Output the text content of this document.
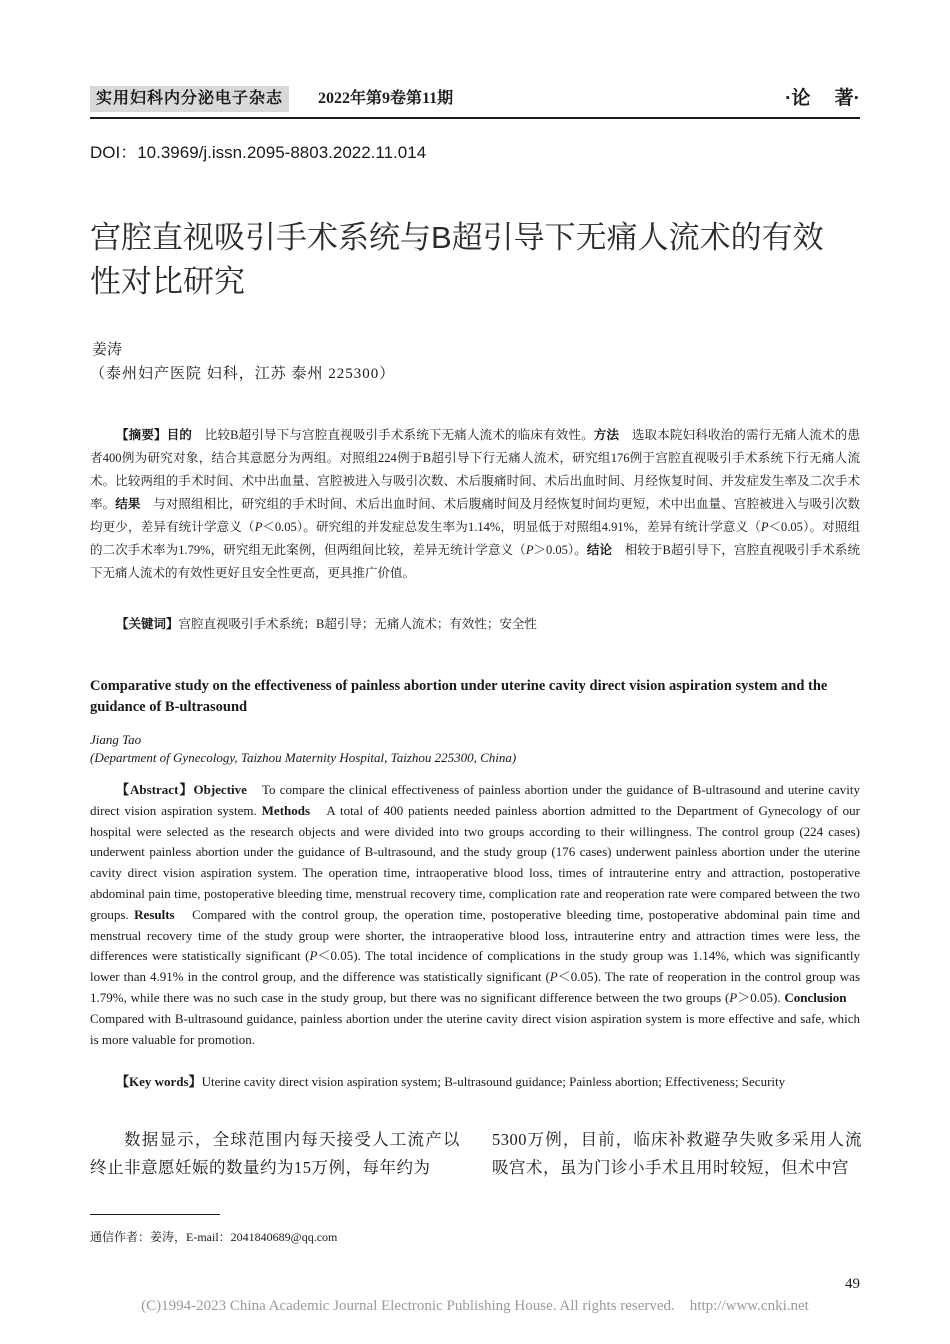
实用妇科内分泌电子杂志	2022年第9卷第11期	·论　 著·
DOI：10.3969/j.issn.2095-8803.2022.11.014
宫腔直视吸引手术系统与B超引导下无痛人流术的有效性对比研究
姜涛
（泰州妇产医院 妇科，江苏 泰州 225300）

【摘要】目的　比较B超引导下与宫腔直视吸引手术系统下无痛人流术的临床有效性。方法　选取本院妇科收治的需行无痛人流术的患者400例为研究对象，结合其意愿分为两组。对照组224例于B超引导下行无痛人流术，研究组176例于宫腔直视吸引手术系统下行无痛人流术。比较两组的手术时间、术中出血量、宫腔被进入与吸引次数、术后腹痛时间、术后出血时间、月经恢复时间、并发症发生率及二次手术率。结果　与对照组相比，研究组的手术时间、术后出血时间、术后腹痛时间及月经恢复时间均更短，术中出血量、宫腔被进入与吸引次数均更少，差异有统计学意义（P＜0.05）。研究组的并发症总发生率为1.14%，明显低于对照组4.91%，差异有统计学意义（P＜0.05）。对照组的二次手术率为1.79%，研究组无此案例，但两组间比较，差异无统计学意义（P＞0.05）。结论　相较于B超引导下，宫腔直视吸引手术系统下无痛人流术的有效性更好且安全性更高，更具推广价值。

【关键词】宫腔直视吸引手术系统；B超引导；无痛人流术；有效性；安全性

Comparative study on the effectiveness of painless abortion under uterine cavity direct vision aspiration system and the guidance of B-ultrasound
Jiang Tao
(Department of Gynecology, Taizhou Maternity Hospital, Taizhou 225300, China)

【Abstract】Objective　To compare the clinical effectiveness of painless abortion under the guidance of B-ultrasound and uterine cavity direct vision aspiration system. Methods　A total of 400 patients needed painless abortion admitted to the Department of Gynecology of our hospital were selected as the research objects and were divided into two groups according to their willingness. The control group (224 cases) underwent painless abortion under the guidance of B-ultrasound, and the study group (176 cases) underwent painless abortion under the uterine cavity direct vision aspiration system. The operation time, intraoperative blood loss, times of intrauterine entry and attraction, postoperative abdominal pain time, postoperative bleeding time, menstrual recovery time, complication rate and reoperation rate were compared between the two groups. Results　Compared with the control group, the operation time, postoperative bleeding time, postoperative abdominal pain time and menstrual recovery time of the study group were shorter, the intraoperative blood loss, intrauterine entry and attraction times were less, the differences were statistically significant (P＜0.05). The total incidence of complications in the study group was 1.14%, which was significantly lower than 4.91% in the control group, and the difference was statistically significant (P＜0.05). The rate of reoperation in the control group was 1.79%, while there was no such case in the study group, but there was no significant difference between the two groups (P＞0.05). Conclusion　Compared with B-ultrasound guidance, painless abortion under the uterine cavity direct vision aspiration system is more effective and safe, which is more valuable for promotion.

【Key words】Uterine cavity direct vision aspiration system; B-ultrasound guidance; Painless abortion; Effectiveness; Security

数据显示，全球范围内每天接受人工流产以终止非意愿妊娠的数量约为15万例，每年约为

5300万例，目前，临床补救避孕失败多采用人流吸宫术，虽为门诊小手术且用时较短，但术中宫

通信作者：姜涛，E-mail：2041840689@qq.com
49
(C)1994-2023 China Academic Journal Electronic Publishing House. All rights reserved.    http://www.cnki.net
